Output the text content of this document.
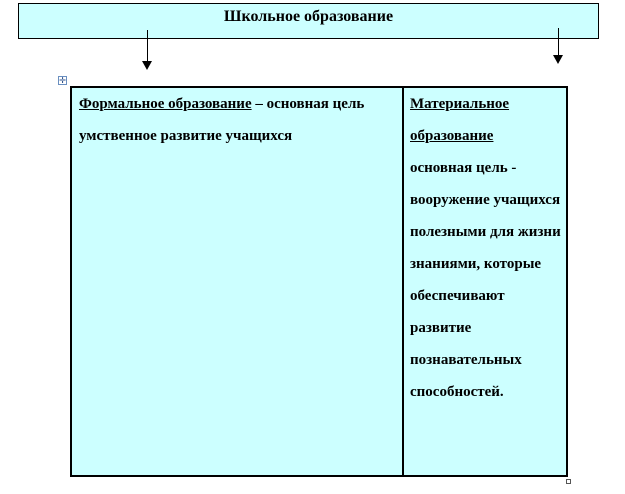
Школьное образование
✛
Формальное образование – основная цель умственное развитие учащихся
Материальное образование
основная цель - вооружение учащихся полезными для жизни знаниями, которые обеспечивают развитие познавательных способностей.
